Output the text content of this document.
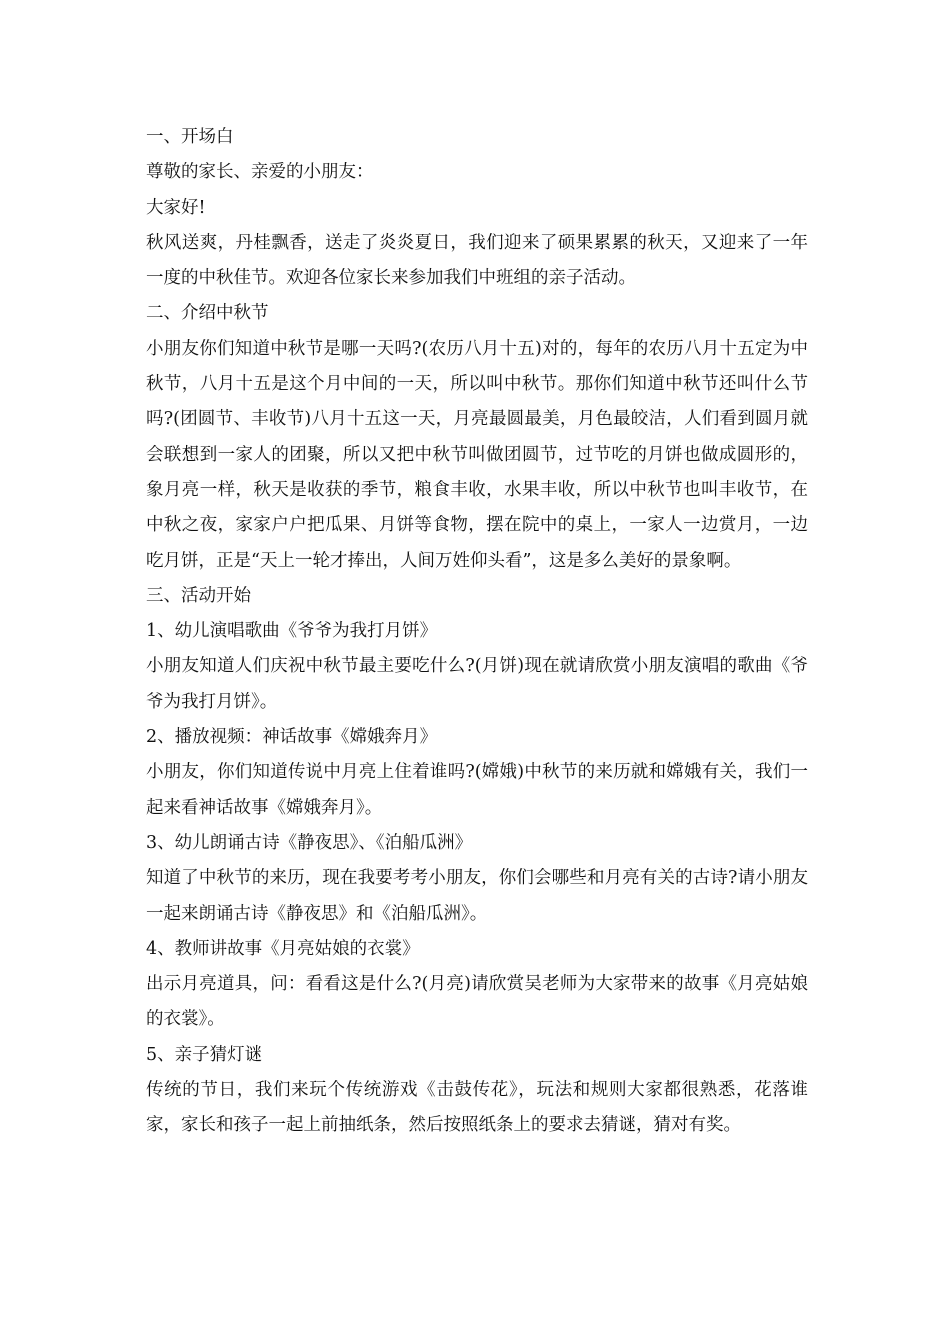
一、开场白

尊敬的家长、亲爱的小朋友：

大家好!

秋风送爽，丹桂飘香，送走了炎炎夏日，我们迎来了硕果累累的秋天，又迎来了一年一度的中秋佳节。欢迎各位家长来参加我们中班组的亲子活动。

二、介绍中秋节

小朋友你们知道中秋节是哪一天吗?(农历八月十五)对的，每年的农历八月十五定为中秋节，八月十五是这个月中间的一天，所以叫中秋节。那你们知道中秋节还叫什么节吗?(团圆节、丰收节)八月十五这一天，月亮最圆最美，月色最皎洁，人们看到圆月就会联想到一家人的团聚，所以又把中秋节叫做团圆节，过节吃的月饼也做成圆形的，象月亮一样，秋天是收获的季节，粮食丰收，水果丰收，所以中秋节也叫丰收节，在中秋之夜，家家户户把瓜果、月饼等食物，摆在院中的桌上，一家人一边赏月，一边吃月饼，正是“天上一轮才捧出，人间万姓仰头看”，这是多么美好的景象啊。

三、活动开始

1、幼儿演唱歌曲《爷爷为我打月饼》

小朋友知道人们庆祝中秋节最主要吃什么?(月饼)现在就请欣赏小朋友演唱的歌曲《爷爷为我打月饼》。

2、播放视频：神话故事《嫦娥奔月》

小朋友，你们知道传说中月亮上住着谁吗?(嫦娥)中秋节的来历就和嫦娥有关，我们一起来看神话故事《嫦娥奔月》。

3、幼儿朗诵古诗《静夜思》、《泊船瓜洲》

知道了中秋节的来历，现在我要考考小朋友，你们会哪些和月亮有关的古诗?请小朋友一起来朗诵古诗《静夜思》和《泊船瓜洲》。

4、教师讲故事《月亮姑娘的衣裳》

出示月亮道具，问：看看这是什么?(月亮)请欣赏吴老师为大家带来的故事《月亮姑娘的衣裳》。

5、亲子猜灯谜

传统的节日，我们来玩个传统游戏《击鼓传花》，玩法和规则大家都很熟悉，花落谁家，家长和孩子一起上前抽纸条，然后按照纸条上的要求去猜谜，猜对有奖。
